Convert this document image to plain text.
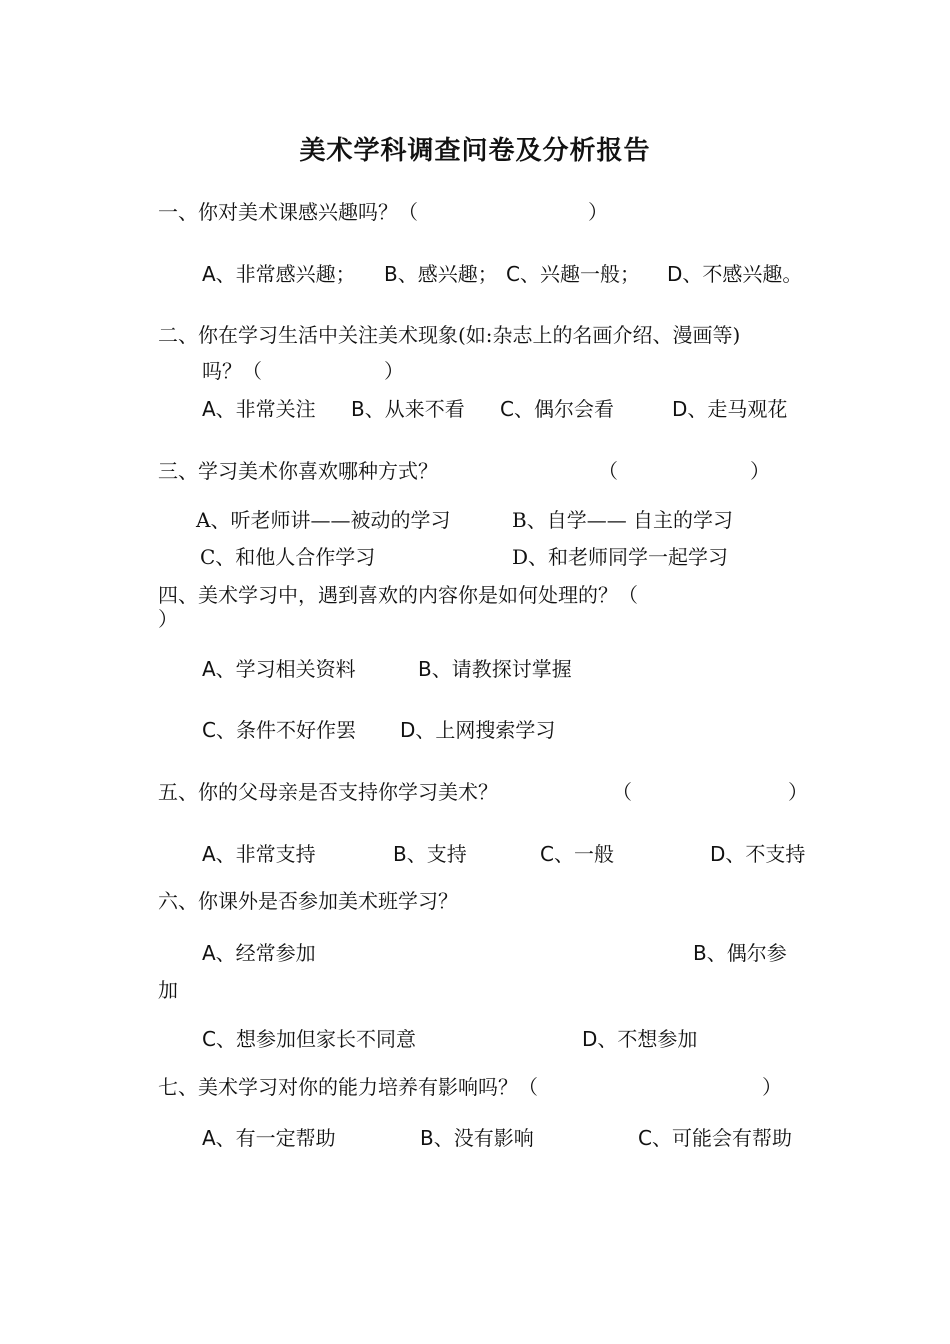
美术学科调查问卷及分析报告
一、你对美术课感兴趣吗？（	）
A、非常感兴趣； B、感兴趣； C、兴趣一般； D、不感兴趣。
二、你在学习生活中关注美术现象(如:杂志上的名画介绍、漫画等)
吗？（	）
A、非常关注 B、从来不看 C、偶尔会看	D、走马观花
三、学习美术你喜欢哪种方式？	（	）
A、听老师讲——被动的学习	B、自学—— 自主的学习
C、和他人合作学习	D、和老师同学一起学习
四、美术学习中，遇到喜欢的内容你是如何处理的？（
）
A、学习相关资料	B、请教探讨掌握
C、条件不好作罢 D、上网搜索学习
五、你的父母亲是否支持你学习美术？	（	）
A、非常支持	B、支持	C、一般	D、不支持
六、你课外是否参加美术班学习？
A、经常参加	B、偶尔参
加
C、想参加但家长不同意	D、不想参加
七、美术学习对你的能力培养有影响吗？（	）
A、有一定帮助	B、没有影响	C、可能会有帮助
